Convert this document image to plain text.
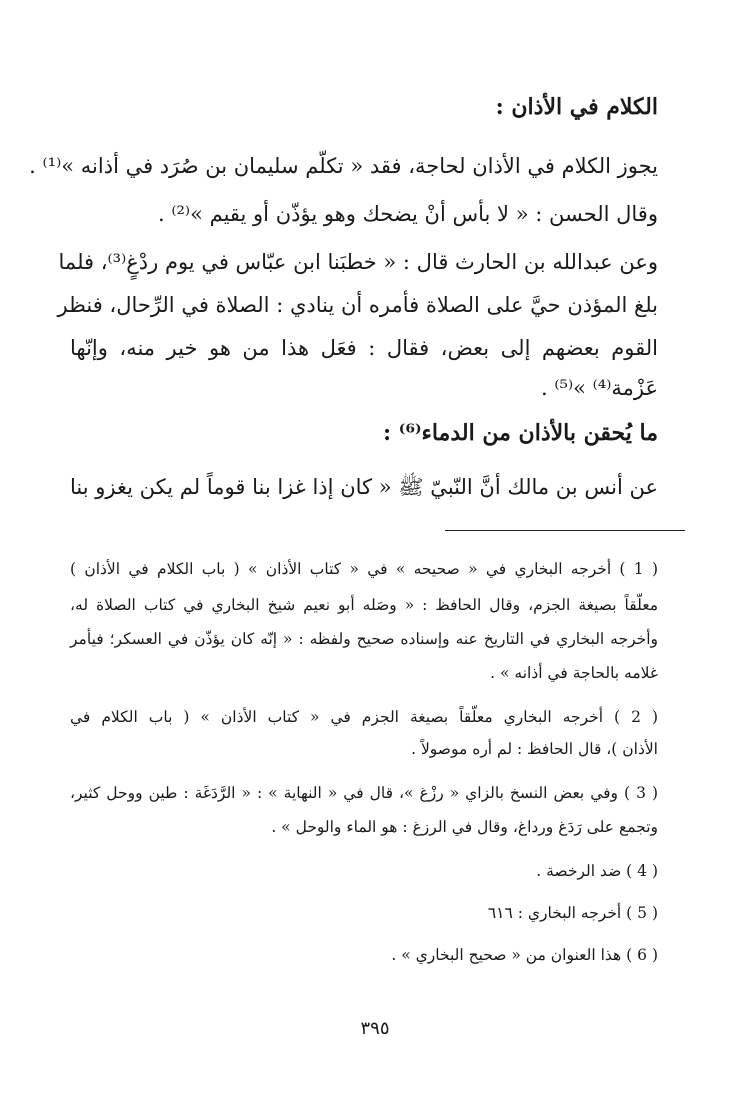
الكلام في الأذان :
يجوز الكلام في الأذان لحاجة، فقد « تكلّم سليمان بن صُرَد في أذانه »⁽¹⁾ .
وقال الحسن : « لا بأس أنْ يضحك وهو يؤذّن أو يقيم »⁽²⁾ .
وعن عبدالله بن الحارث قال : « خطبَنا ابن عبّاس في يوم ردْغٍ⁽³⁾، فلما
بلغ المؤذن حيَّ على الصلاة فأمره أن ينادي : الصلاة في الرِّحال، فنظر
القوم بعضهم إلى بعض، فقال : فعَل هذا من هو خير منه، وإنّها
عَزْمة⁽⁴⁾ »⁽⁵⁾ .
ما يُحقن بالأذان من الدماء⁽⁶⁾ :
عن أنس بن مالك أنَّ النّبيّ ﷺ « كان إذا غزا بنا قوماً لم يكن يغزو بنا
( 1 ) أخرجه البخاري في « صحيحه » في « كتاب الأذان » ( باب الكلام في الأذان )
معلّقاً بصيغة الجزم، وقال الحافظ : « وصَله أبو نعيم شيخ البخاري في كتاب الصلاة له،
وأخرجه البخاري في التاريخ عنه وإسناده صحيح ولفظه : « إنّه كان يؤذّن في العسكر؛ فيأمر
غلامه بالحاجة في أذانه » .
( 2 ) أخرجه البخاري معلّقاً بصيغة الجزم في « كتاب الأذان » ( باب الكلام في
الأذان )، قال الحافظ : لم أره موصولاً .
( 3 ) وفي بعض النسخ بالزاي « رزْغ »، قال في « النهاية » : « الرَّدَغَة : طين ووحل كثير،
وتجمع على رَدَغ ورداغ، وقال في الرزغ : هو الماء والوحل » .
( 4 ) ضد الرخصة .
( 5 ) أخرجه البخاري : ٦١٦
( 6 ) هذا العنوان من « صحيح البخاري » .
٣٩٥
